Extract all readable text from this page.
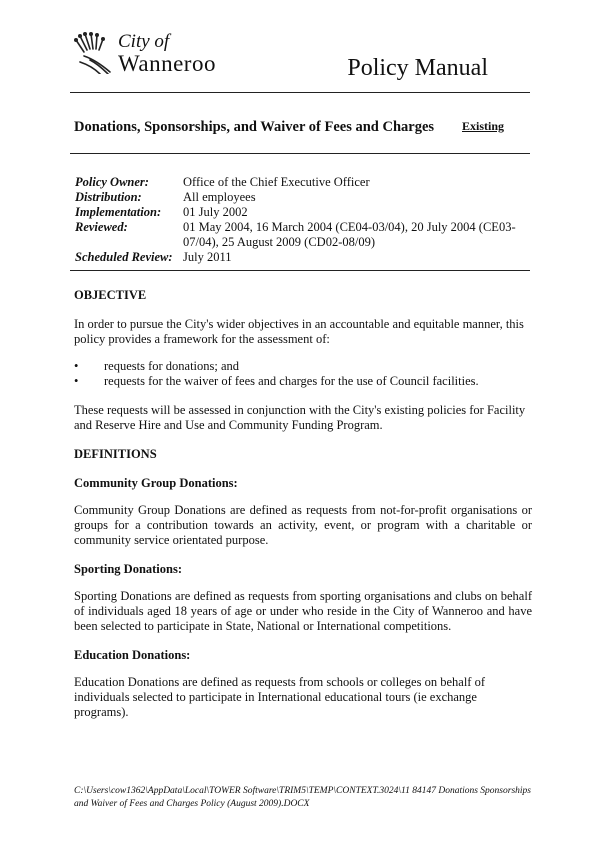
City of
Wanneroo	Policy Manual
Donations, Sponsorships, and Waiver of Fees and Charges Existing
Policy Owner:	Office of the Chief Executive Officer
Distribution:	All employees
Implementation:	01 July 2002
Reviewed:	01 May 2004, 16 March 2004 (CE04-03/04), 20 July 2004 (CE03-07/04), 25 August 2009 (CD02-08/09)
Scheduled Review: July 2011

OBJECTIVE

In order to pursue the City's wider objectives in an accountable and equitable manner, this policy provides a framework for the assessment of:

•	requests for donations; and
•	requests for the waiver of fees and charges for the use of Council facilities.

These requests will be assessed in conjunction with the City's existing policies for Facility and Reserve Hire and Use and Community Funding Program.

DEFINITIONS

Community Group Donations:

Community Group Donations are defined as requests from not-for-profit organisations or groups for a contribution towards an activity, event, or program with a charitable or community service orientated purpose.

Sporting Donations:

Sporting Donations are defined as requests from sporting organisations and clubs on behalf of individuals aged 18 years of age or under who reside in the City of Wanneroo and have been selected to participate in State, National or International competitions.

Education Donations:

Education Donations are defined as requests from schools or colleges on behalf of individuals selected to participate in International educational tours (ie exchange programs).

C:\Users\cow1362\AppData\Local\TOWER Software\TRIM5\TEMP\CONTEXT.3024\11 84147 Donations Sponsorships and Waiver of Fees and Charges Policy (August 2009).DOCX
